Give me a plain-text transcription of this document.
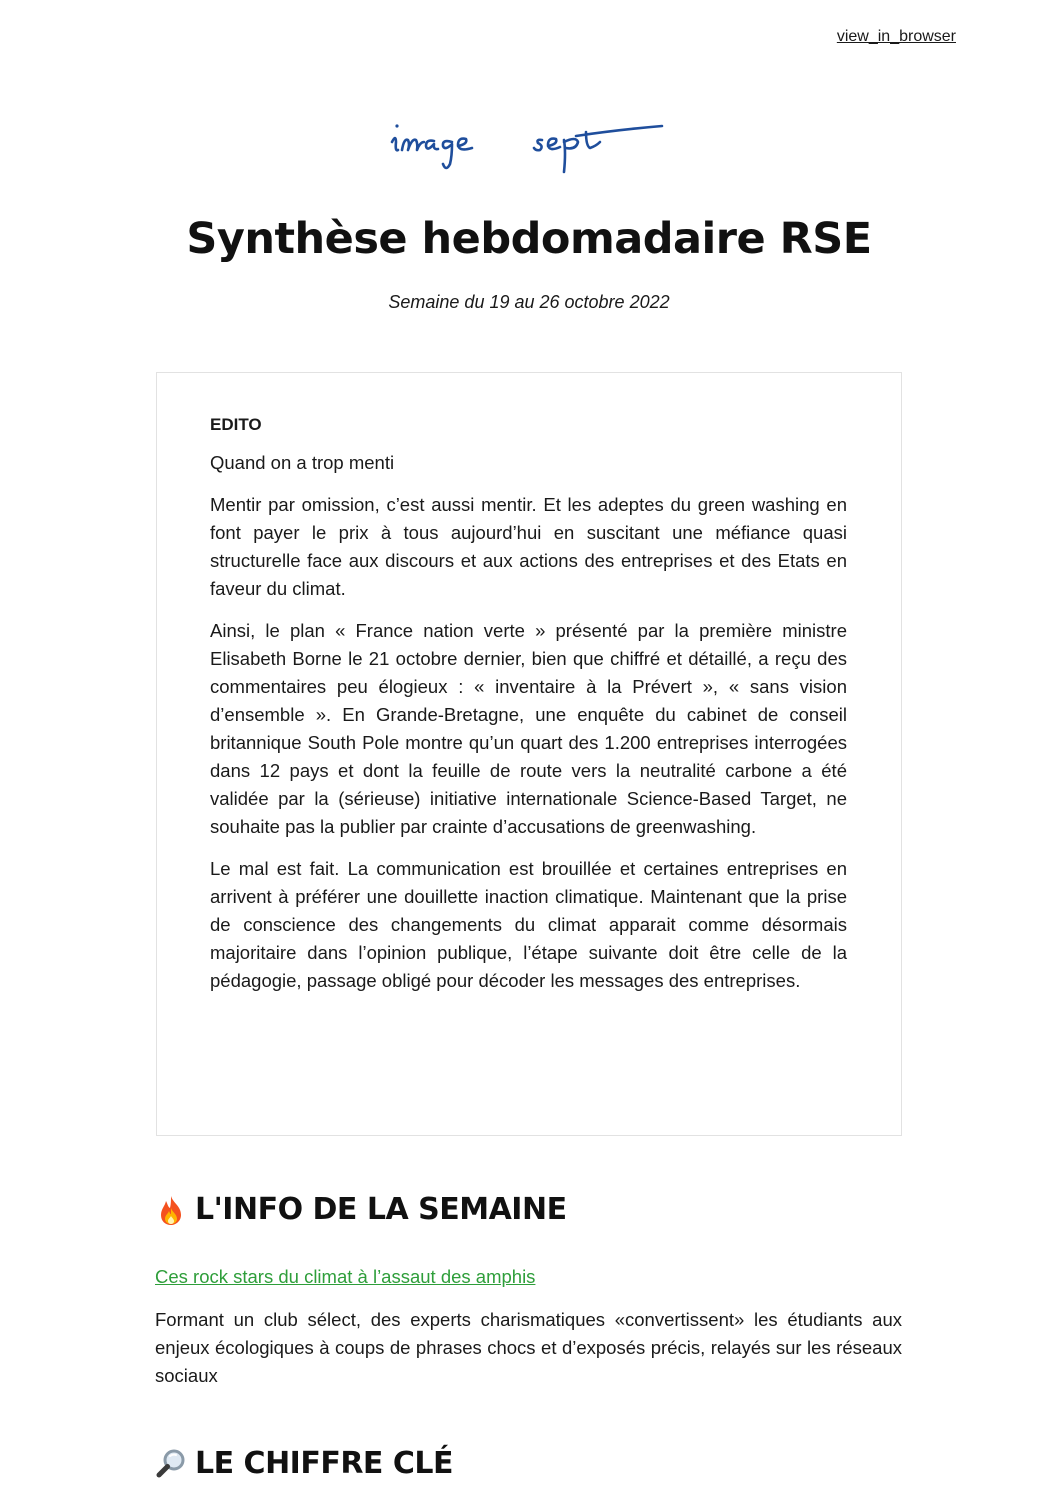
view_in_browser
Synthèse hebdomadaire RSE
Semaine du 19 au 26 octobre 2022

EDITO

Quand on a trop menti

Mentir par omission, c’est aussi mentir. Et les adeptes du green washing en font payer le prix à tous aujourd’hui en suscitant une méfiance quasi structurelle face aux discours et aux actions des entreprises et des Etats en faveur du climat.

Ainsi, le plan « France nation verte » présenté par la première ministre Elisabeth Borne le 21 octobre dernier, bien que chiffré et détaillé, a reçu des commentaires peu élogieux : « inventaire à la Prévert », « sans vision d’ensemble ». En Grande-Bretagne, une enquête du cabinet de conseil britannique South Pole montre qu’un quart des 1.200 entreprises interrogées dans 12 pays et dont la feuille de route vers la neutralité carbone a été validée par la (sérieuse) initiative internationale Science-Based Target, ne souhaite pas la publier par crainte d’accusations de greenwashing.

Le mal est fait. La communication est brouillée et certaines entreprises en arrivent à préférer une douillette inaction climatique. Maintenant que la prise de conscience des changements du climat apparait comme désormais majoritaire dans l’opinion publique, l’étape suivante doit être celle de la pédagogie, passage obligé pour décoder les messages des entreprises.

L'INFO DE LA SEMAINE
Ces rock stars du climat à l’assaut des amphis

Formant un club sélect, des experts charismatiques «convertissent» les étudiants aux enjeux écologiques à coups de phrases chocs et d’exposés précis, relayés sur les réseaux sociaux

LE CHIFFRE CLÉ
